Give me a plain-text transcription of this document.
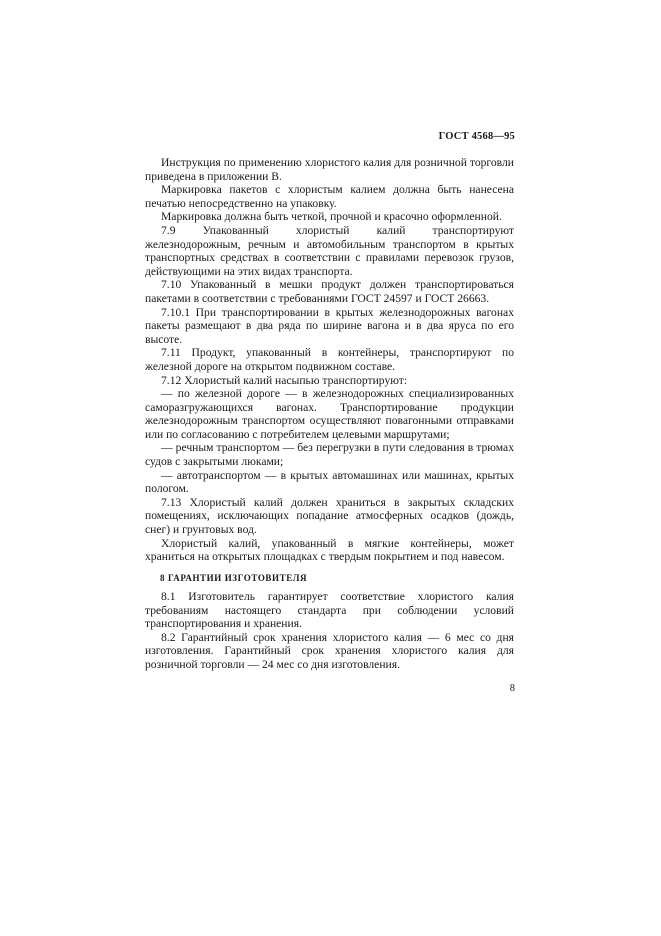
ГОСТ 4568—95

Инструкция по применению хлористого калия для розничной торговли приведена в приложении В.

Маркировка пакетов с хлористым калием должна быть нанесена печатью непосредственно на упаковку.

Маркировка должна быть четкой, прочной и красочно оформленной.

7.9 Упакованный хлористый калий транспортируют железнодорожным, речным и автомобильным транспортом в крытых транспортных средствах в соответствии с правилами перевозок грузов, действующими на этих видах транспорта.

7.10 Упакованный в мешки продукт должен транспортироваться пакетами в соответствии с требованиями ГОСТ 24597 и ГОСТ 26663.

7.10.1 При транспортировании в крытых железнодорожных вагонах пакеты размещают в два ряда по ширине вагона и в два яруса по его высоте.

7.11 Продукт, упакованный в контейнеры, транспортируют по железной дороге на открытом подвижном составе.

7.12 Хлористый калий насыпью транспортируют:

— по железной дороге — в железнодорожных специализированных саморазгружающихся вагонах. Транспортирование продукции железнодорожным транспортом осуществляют повагонными отправками или по согласованию с потребителем целевыми маршрутами;

— речным транспортом — без перегрузки в пути следования в трюмах судов с закрытыми люками;

— автотранспортом — в крытых автомашинах или машинах, крытых пологом.

7.13 Хлористый калий должен храниться в закрытых складских помещениях, исключающих попадание атмосферных осадков (дождь, снег) и грунтовых вод.

Хлористый калий, упакованный в мягкие контейнеры, может храниться на открытых площадках с твердым покрытием и под навесом.

8 ГАРАНТИИ ИЗГОТОВИТЕЛЯ

8.1 Изготовитель гарантирует соответствие хлористого калия требованиям настоящего стандарта при соблюдении условий транспортирования и хранения.

8.2 Гарантийный срок хранения хлористого калия — 6 мес со дня изготовления. Гарантийный срок хранения хлористого калия для розничной торговли — 24 мес со дня изготовления.

8
